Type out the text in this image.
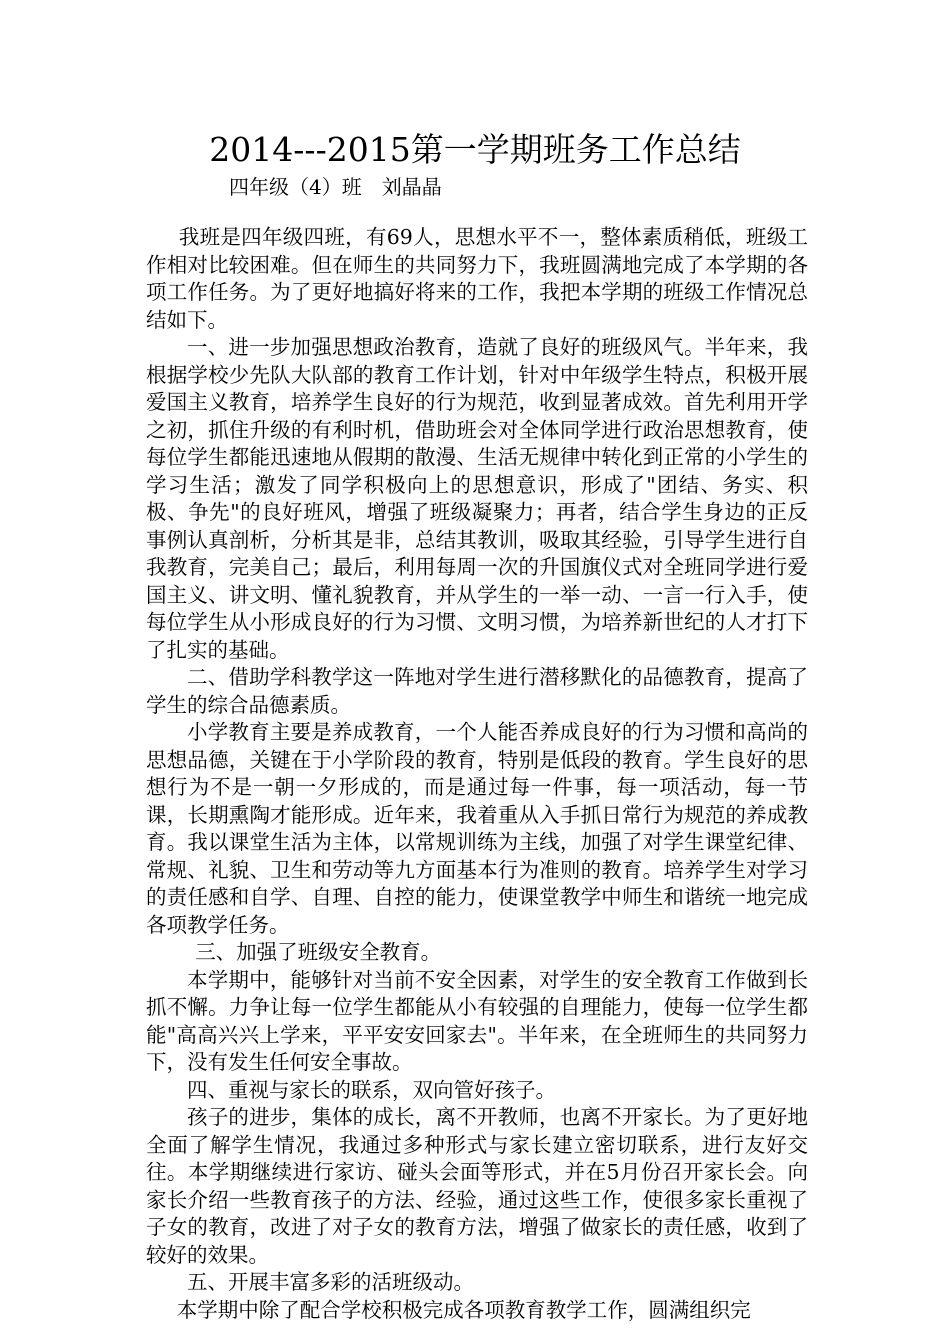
2014---2015第一学期班务工作总结
四年级（4）班　刘晶晶

我班是四年级四班，有69人，思想水平不一，整体素质稍低，班级工作相对比较困难。但在师生的共同努力下，我班圆满地完成了本学期的各项工作任务。为了更好地搞好将来的工作，我把本学期的班级工作情况总结如下。

一、进一步加强思想政治教育，造就了良好的班级风气。半年来，我根据学校少先队大队部的教育工作计划，针对中年级学生特点，积极开展爱国主义教育，培养学生良好的行为规范，收到显著成效。首先利用开学之初，抓住升级的有利时机，借助班会对全体同学进行政治思想教育，使每位学生都能迅速地从假期的散漫、生活无规律中转化到正常的小学生的学习生活；激发了同学积极向上的思想意识，形成了"团结、务实、积极、争先"的良好班风，增强了班级凝聚力；再者，结合学生身边的正反事例认真剖析，分析其是非，总结其教训，吸取其经验，引导学生进行自我教育，完美自己；最后，利用每周一次的升国旗仪式对全班同学进行爱国主义、讲文明、懂礼貌教育，并从学生的一举一动、一言一行入手，使每位学生从小形成良好的行为习惯、文明习惯，为培养新世纪的人才打下了扎实的基础。

二、借助学科教学这一阵地对学生进行潜移默化的品德教育，提高了学生的综合品德素质。

小学教育主要是养成教育，一个人能否养成良好的行为习惯和高尚的思想品德，关键在于小学阶段的教育，特别是低段的教育。学生良好的思想行为不是一朝一夕形成的，而是通过每一件事，每一项活动，每一节课，长期熏陶才能形成。近年来，我着重从入手抓日常行为规范的养成教育。我以课堂生活为主体，以常规训练为主线，加强了对学生课堂纪律、常规、礼貌、卫生和劳动等九方面基本行为准则的教育。培养学生对学习的责任感和自学、自理、自控的能力，使课堂教学中师生和谐统一地完成各项教学任务。

三、加强了班级安全教育。

本学期中，能够针对当前不安全因素，对学生的安全教育工作做到长抓不懈。力争让每一位学生都能从小有较强的自理能力，使每一位学生都能"高高兴兴上学来，平平安安回家去"。半年来，在全班师生的共同努力下，没有发生任何安全事故。

四、重视与家长的联系，双向管好孩子。

孩子的进步，集体的成长，离不开教师，也离不开家长。为了更好地全面了解学生情况，我通过多种形式与家长建立密切联系，进行友好交往。本学期继续进行家访、碰头会面等形式，并在5月份召开家长会。向家长介绍一些教育孩子的方法、经验，通过这些工作，使很多家长重视了子女的教育，改进了对子女的教育方法，增强了做家长的责任感，收到了较好的效果。

五、开展丰富多彩的活班级动。

本学期中除了配合学校积极完成各项教育教学工作，圆满组织完
